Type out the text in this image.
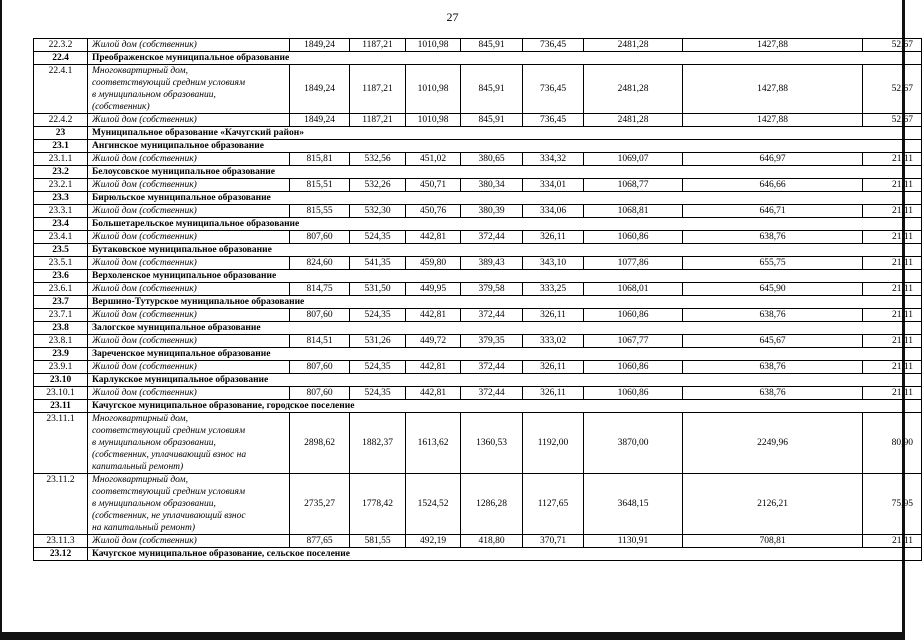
27
22.3.2	Жилой дом (собственник)	1849,24	1187,21	1010,98	845,91	736,45	2481,28	1427,88	52,67
22.4	Преображенское муниципальное образование								
22.4.1	Многоквартирный дом,
соответствующий средним условиям
в муниципальном образовании,
(собственник)	1849,24	1187,21	1010,98	845,91	736,45	2481,28	1427,88	52,67
22.4.2	Жилой дом (собственник)	1849,24	1187,21	1010,98	845,91	736,45	2481,28	1427,88	52,67
23	Муниципальное образование «Качугский район»								
23.1	Ангинское муниципальное образование								
23.1.1	Жилой дом (собственник)	815,81	532,56	451,02	380,65	334,32	1069,07	646,97	21,11
23.2	Белоусовское муниципальное образование								
23.2.1	Жилой дом (собственник)	815,51	532,26	450,71	380,34	334,01	1068,77	646,66	21,11
23.3	Бирюльское муниципальное образование								
23.3.1	Жилой дом (собственник)	815,55	532,30	450,76	380,39	334,06	1068,81	646,71	21,11
23.4	Большетарельское муниципальное образование								
23.4.1	Жилой дом (собственник)	807,60	524,35	442,81	372,44	326,11	1060,86	638,76	21,11
23.5	Бутаковское муниципальное образование								
23.5.1	Жилой дом (собственник)	824,60	541,35	459,80	389,43	343,10	1077,86	655,75	21,11
23.6	Верхоленское муниципальное образование								
23.6.1	Жилой дом (собственник)	814,75	531,50	449,95	379,58	333,25	1068,01	645,90	21,11
23.7	Вершино-Тутурское муниципальное образование								
23.7.1	Жилой дом (собственник)	807,60	524,35	442,81	372,44	326,11	1060,86	638,76	21,11
23.8	Залогское муниципальное образование								
23.8.1	Жилой дом (собственник)	814,51	531,26	449,72	379,35	333,02	1067,77	645,67	21,11
23.9	Зареченское муниципальное образование								
23.9.1	Жилой дом (собственник)	807,60	524,35	442,81	372,44	326,11	1060,86	638,76	21,11
23.10	Карлукское муниципальное образование								
23.10.1	Жилой дом (собственник)	807,60	524,35	442,81	372,44	326,11	1060,86	638,76	21,11
23.11	Качугское муниципальное образование, городское поселение								
23.11.1	Многоквартирный дом,
соответствующий средним условиям
в муниципальном образовании,
(собственник, уплачивающий взнос на
капитальный ремонт)	2898,62	1882,37	1613,62	1360,53	1192,00	3870,00	2249,96	80,90
23.11.2	Многоквартирный дом,
соответствующий средним условиям
в муниципальном образовании,
(собственник, не уплачивающий взнос
на капитальный ремонт)	2735,27	1778,42	1524,52	1286,28	1127,65	3648,15	2126,21	75,95
23.11.3	Жилой дом (собственник)	877,65	581,55	492,19	418,80	370,71	1130,91	708,81	21,11
23.12	Качугское муниципальное образование, сельское поселение								
